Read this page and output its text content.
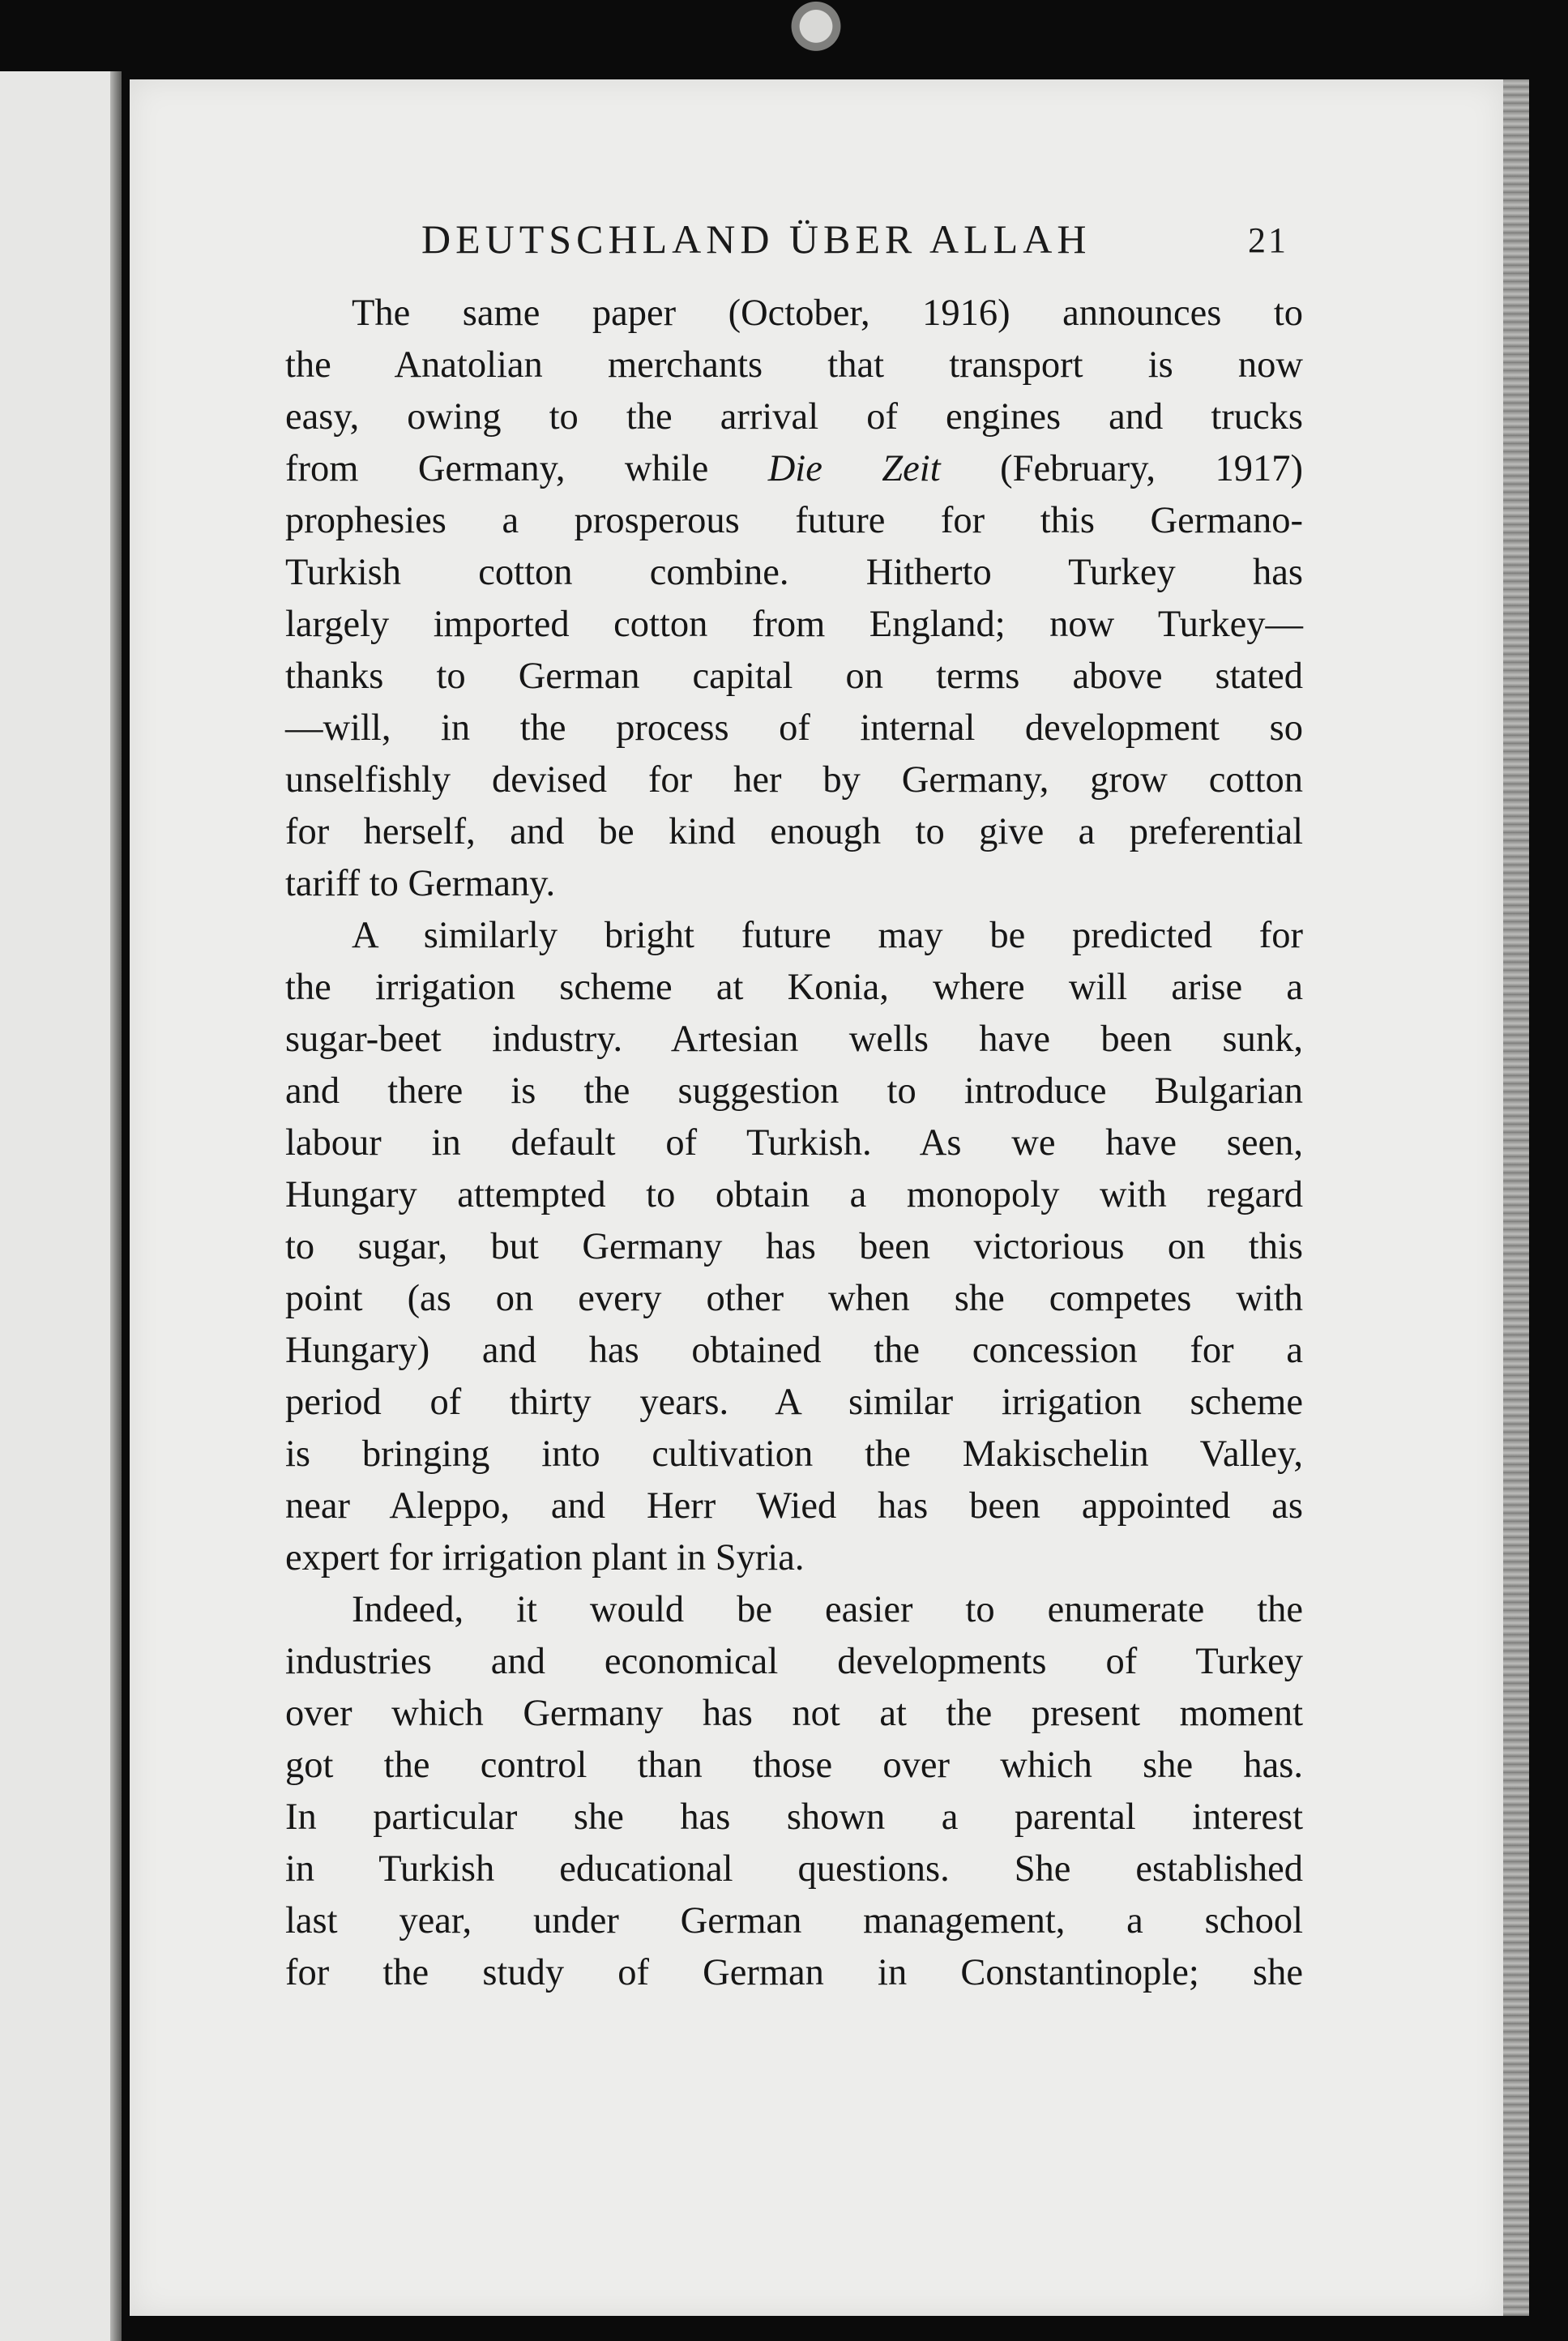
DEUTSCHLAND ÜBER ALLAH	21
The same paper (October, 1916) announces to
the Anatolian merchants that transport is now
easy, owing to the arrival of engines and trucks
from Germany, while Die Zeit (February, 1917)
prophesies a prosperous future for this Germano-
Turkish cotton combine. Hitherto Turkey has
largely imported cotton from England; now Turkey—
thanks to German capital on terms above stated
—will, in the process of internal development so
unselfishly devised for her by Germany, grow cotton
for herself, and be kind enough to give a preferential
tariff to Germany.
A similarly bright future may be predicted for
the irrigation scheme at Konia, where will arise a
sugar-beet industry. Artesian wells have been sunk,
and there is the suggestion to introduce Bulgarian
labour in default of Turkish. As we have seen,
Hungary attempted to obtain a monopoly with regard
to sugar, but Germany has been victorious on this
point (as on every other when she competes with
Hungary) and has obtained the concession for a
period of thirty years. A similar irrigation scheme
is bringing into cultivation the Makischelin Valley,
near Aleppo, and Herr Wied has been appointed as
expert for irrigation plant in Syria.
Indeed, it would be easier to enumerate the
industries and economical developments of Turkey
over which Germany has not at the present moment
got the control than those over which she has.
In particular she has shown a parental interest
in Turkish educational questions. She established
last year, under German management, a school
for the study of German in Constantinople; she
